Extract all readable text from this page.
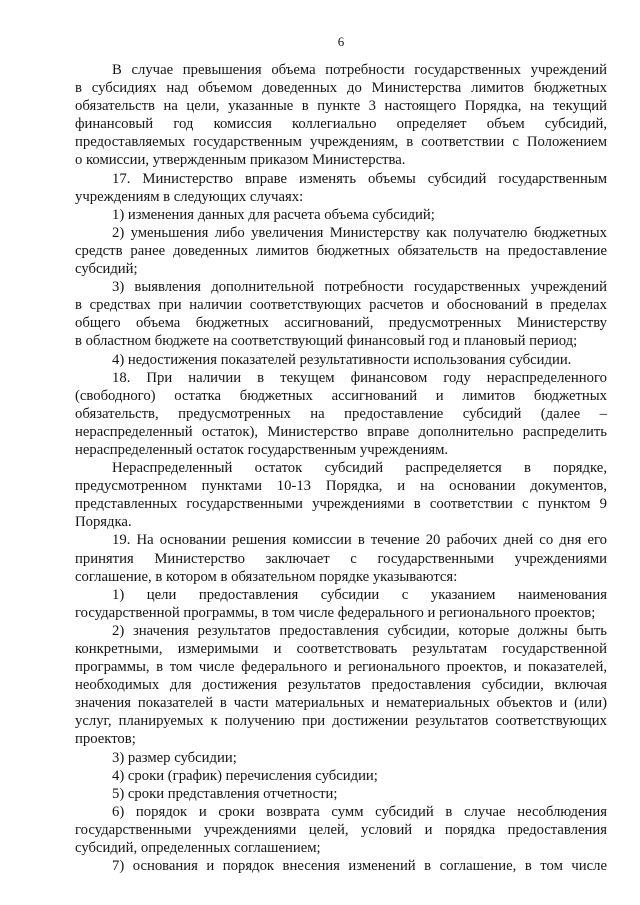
6
В случае превышения объема потребности государственных учреждений
в субсидиях над объемом доведенных до Министерства лимитов бюджетных
обязательств на цели, указанные в пункте 3 настоящего Порядка, на текущий
финансовый год комиссия коллегиально определяет объем субсидий,
предоставляемых государственным учреждениям, в соответствии с Положением
о комиссии, утвержденным приказом Министерства.
17. Министерство вправе изменять объемы субсидий государственным
учреждениям в следующих случаях:
1) изменения данных для расчета объема субсидий;
2) уменьшения либо увеличения Министерству как получателю бюджетных
средств ранее доведенных лимитов бюджетных обязательств на предоставление
субсидий;
3) выявления дополнительной потребности государственных учреждений
в средствах при наличии соответствующих расчетов и обоснований в пределах
общего объема бюджетных ассигнований, предусмотренных Министерству
в областном бюджете на соответствующий финансовый год и плановый период;
4) недостижения показателей результативности использования субсидии.
18. При наличии в текущем финансовом году нераспределенного
(свободного) остатка бюджетных ассигнований и лимитов бюджетных
обязательств, предусмотренных на предоставление субсидий (далее –
нераспределенный остаток), Министерство вправе дополнительно распределить
нераспределенный остаток государственным учреждениям.
Нераспределенный остаток субсидий распределяется в порядке,
предусмотренном пунктами 10-13 Порядка, и на основании документов,
представленных государственными учреждениями в соответствии с пунктом 9
Порядка.
19. На основании решения комиссии в течение 20 рабочих дней со дня его
принятия Министерство заключает с государственными учреждениями
соглашение, в котором в обязательном порядке указываются:
1) цели предоставления субсидии с указанием наименования
государственной программы, в том числе федерального и регионального проектов;
2) значения результатов предоставления субсидии, которые должны быть
конкретными, измеримыми и соответствовать результатам государственной
программы, в том числе федерального и регионального проектов, и показателей,
необходимых для достижения результатов предоставления субсидии, включая
значения показателей в части материальных и нематериальных объектов и (или)
услуг, планируемых к получению при достижении результатов соответствующих
проектов;
3) размер субсидии;
4) сроки (график) перечисления субсидии;
5) сроки представления отчетности;
6) порядок и сроки возврата сумм субсидий в случае несоблюдения
государственными учреждениями целей, условий и порядка предоставления
субсидий, определенных соглашением;
7) основания и порядок внесения изменений в соглашение, в том числе
